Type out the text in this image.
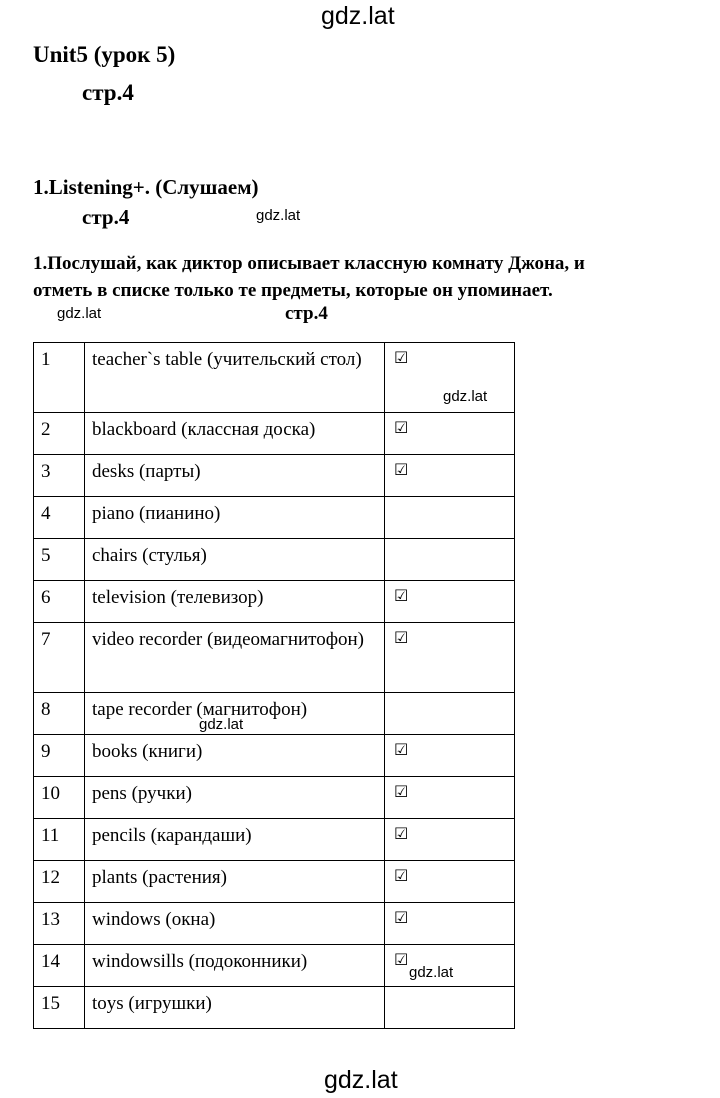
gdz.lat
Unit5 (урок 5)
стр.4
1.Listening+. (Слушаем)
стр.4	gdz.lat
1.Послушай, как диктор описывает классную комнату Джона, и
отметь в списке только те предметы, которые он упоминает.
gdz.lat	стр.4
1	teacher`s table (учительский стол)	☑
2	blackboard (классная доска)	☑
3	desks (парты)	☑
4	piano (пианино)	
5	chairs (стулья)	
6	television (телевизор)	☑
7	video recorder (видеомагнитофон)	☑
8	tape recorder (магнитофон)	
9	books (книги)	☑
10	pens (ручки)	☑
11	pencils (карандаши)	☑
12	plants (растения)	☑
13	windows (окна)	☑
14	windowsills (подоконники)	☑
15	toys (игрушки)	
gdz.lat
gdz.lat
gdz.lat
gdz.lat
